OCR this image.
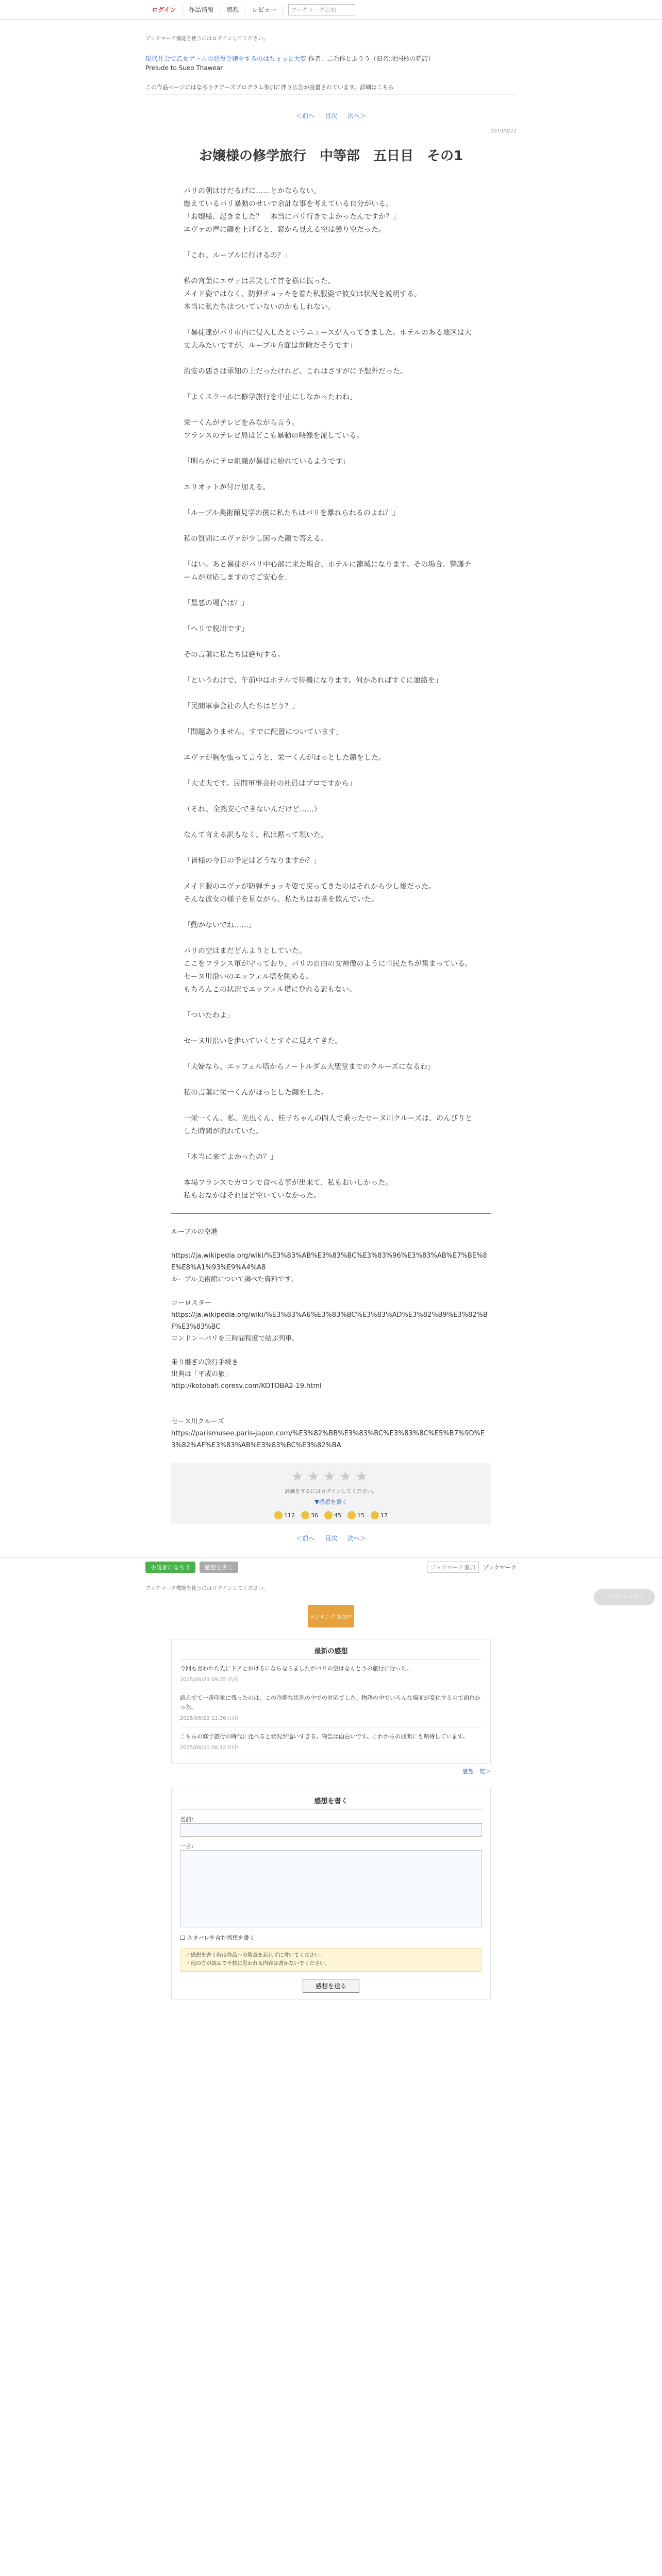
ログイン	作品情報	感想	レビュー	ブックマーク追加
ブックマーク機能を使うにはログインしてください。
現代社会で乙女ゲームの悪役令嬢をするのはちょっと大変 作者：二毛作とふうう（旧名:北国杉の花店）
Prelude to Sueo Thawear
この作品ページにはなろうチアーズプログラム参加に伴う広告が設置されています。詳細はこちら
＜前へ 目次 次へ＞
2019/3/22
お嬢様の修学旅行　中等部　五日目　その1

パリの朝はけだるげに……とかならない。

燃えているパリ暴動のせいで余計な事を考えている自分がいる。

「お嬢様、起きました？　本当にパリ行きでよかったんですか？」

エヴァの声に顔を上げると、窓から見える空は曇り空だった。

「これ、ルーブルに行けるの？」

私の言葉にエヴァは苦笑して首を横に振った。

メイド姿ではなく、防弾チョッキを着た私服姿で彼女は状況を説明する。

本当に私たちはついていないのかもしれない。

「暴徒達がパリ市内に侵入したというニュースが入ってきました。ホテルのある地区は大丈夫みたいですが、ルーブル方面は危険だそうです」

治安の悪さは承知の上だったけれど、これはさすがに予想外だった。

「よくスクールは修学旅行を中止にしなかったわね」

栄一くんがテレビをみながら言う。

フランスのテレビ局はどこも暴動の映像を流している。

「明らかにテロ組織が暴徒に紛れているようです」

エリオットが付け加える。

「ルーブル美術館見学の後に私たちはパリを離れられるのよね？」

私の質問にエヴァが少し困った顔で答える。

「はい。あと暴徒がパリ中心部に来た場合、ホテルに籠城になります。その場合、警護チームが対応しますのでご安心を」

「最悪の場合は？」

「ヘリで脱出です」

その言葉に私たちは絶句する。

「というわけで、午前中はホテルで待機になります。何かあればすぐに連絡を」

「民間軍事会社の人たちはどう？」

「問題ありません。すでに配置についています」

エヴァが胸を張って言うと、栄一くんがほっとした顔をした。

「大丈夫です。民間軍事会社の社員はプロですから」

（それ、全然安心できないんだけど……）

なんて言える訳もなく、私は黙って頷いた。

「皆様の今日の予定はどうなりますか？」

メイド服のエヴァが防弾チョッキ姿で戻ってきたのはそれから少し後だった。

そんな彼女の様子を見ながら、私たちはお茶を飲んでいた。

「動かないでね……」

パリの空はまだどんよりとしていた。

ここをフランス軍が守っており、パリの自由の女神像のように市民たちが集まっている。

セーヌ川沿いのエッフェル塔を眺める。

もちろんこの状況でエッフェル塔に登れる訳もない。

「ついたわよ」

セーヌ川沿いを歩いていくとすぐに見えてきた。

「夫婦なら、エッフェル塔からノートルダム大聖堂までのクルーズになるわ」

私の言葉に栄一くんがほっとした顔をした。

一栄一くん、私、光也くん、桂子ちゃんの四人で乗ったセーヌ川クルーズは、のんびりとした時間が流れていた。

「本当に来てよかったの？」

本場フランスでカロンで食べる事が出来て、私もおいしかった。

私もおなかはそれほど空いていなかった。

ルーブルの空港

https://ja.wikipedia.org/wiki/%E3%83%AB%E3%83%BC%E3%83%96%E3%83%AB%E7%BE%8E%E8%A1%93%E9%A4%A8

ルーブル美術館について調べた資料です。

コーロスター

https://ja.wikipedia.org/wiki/%E3%83%A6%E3%83%BC%E3%83%AD%E3%82%B9%E3%82%BF%E3%83%BC

ロンドン－パリを三時間程度で結ぶ列車。

乗り継ぎの旅行手続き

出典は「平成の旅」

http://kotobafi.coresv.com/KOTOBA2-19.html

セーヌ川クルーズ

https://parismusee.paris-japon.com/%E3%82%BB%E3%83%BC%E3%83%8C%E5%B7%9D%E3%82%AF%E3%83%AB%E3%83%BC%E3%82%BA

★★★★★
評価をするにはログインしてください。
▼感想を書く
112	36	45	15	17
＜前へ 目次 次へ＞
小説家になろう	感想を書く	ブックマーク追加	ブックマーク
ブックマーク機能を使うにはログインしてください。
ランキング 参加中
最新の感想
今回も言われた先にドアとおけるにならならましたがパリの空はなんとうの旅行に行った。
2025/06/23 09:25 名前
読んでて一番印象に残ったのは、この冷静な状況の中での対応でした。物語の中でいろんな場面が変化するので面白かった。
2025/06/22 11:30 山田
こちらの修学旅行の時代に比べると状況が違いすぎる。物語は面白いです。これからの展開にも期待しています。
2025/06/20 08:12 田中
感想一覧＞
感想を書く
名前：
一言：
☐ ネタバレを含む感想を書く
・感想を書く時は作品への敬意を忘れずに書いてください。
・他の方が読んで不快に思われる内容は書かないでください。
感想を送る
ページトップへ
